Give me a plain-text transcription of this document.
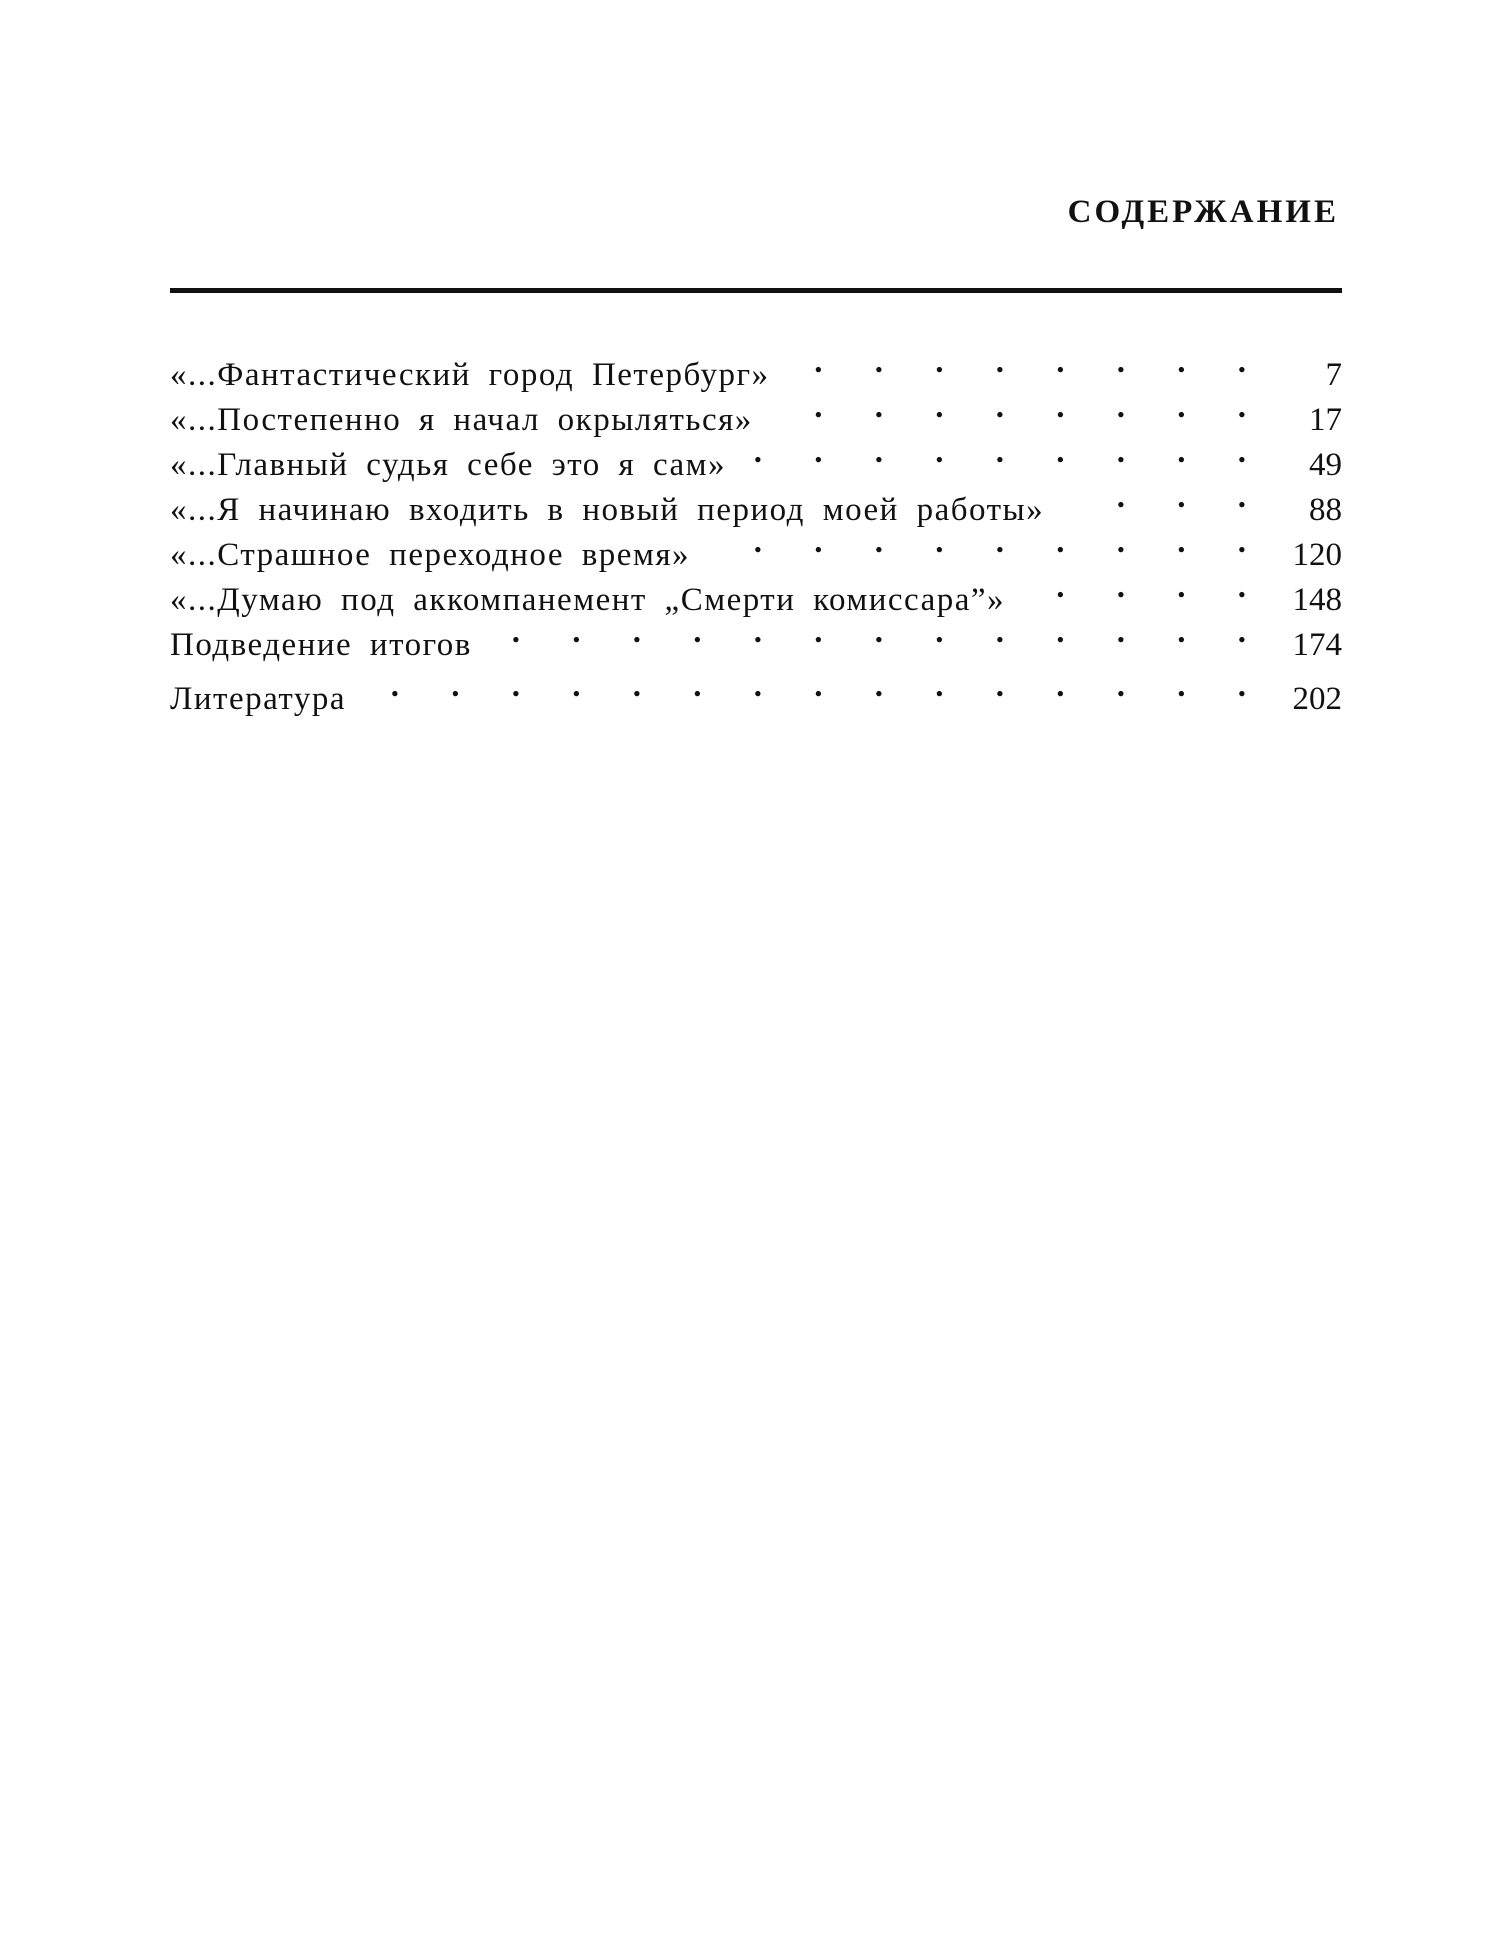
СОДЕРЖАНИЕ
«...Фантастический город Петербург» . . .	7
«...Постепенно я начал окрыляться» . . .	17
«...Главный судья себе это я сам» . . .	49
«...Я начинаю входить в новый период моей работы» . . .	88
«...Страшное переходное время» . . .	120
«...Думаю под аккомпанемент „Смерти комиссара”» . . .	148
Подведение итогов . . .	174
Литература . . .	202
